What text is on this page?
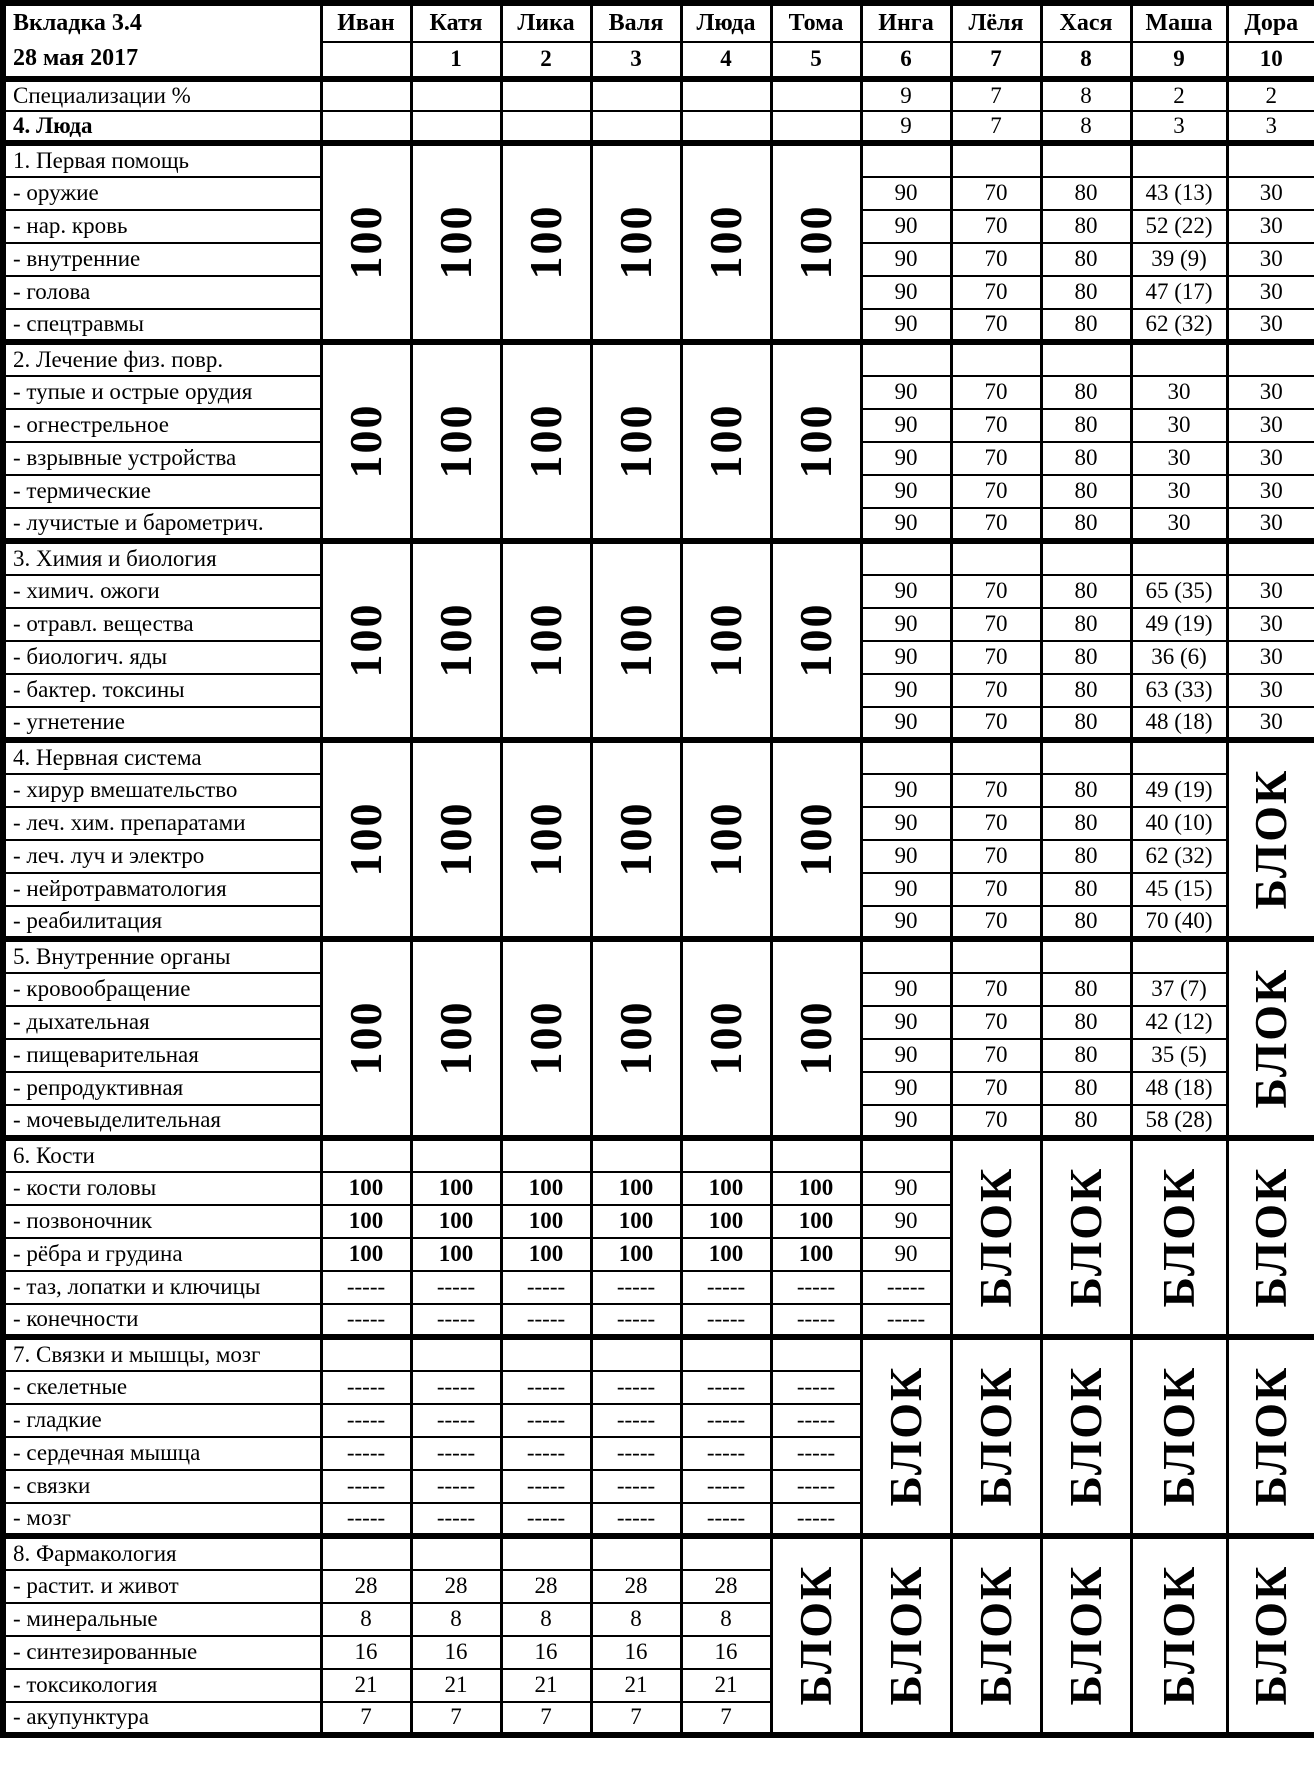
Вкладка 3.4
28 мая 2017	Иван	Катя	Лика	Валя	Люда	Тома	Инга	Лёля	Хася	Маша	Дора
		1	2	3	4	5	6	7	8	9	10
Специализации %							9	7	8	2	2
4. Люда							9	7	8	3	3
1. Первая помощь	100	100	100	100	100	100					

- оружие							90	70	80	43 (13)	30
- нар. кровь							90	70	80	52 (22)	30
- внутренние							90	70	80	39 (9)	30
- голова							90	70	80	47 (17)	30
- спецтравмы							90	70	80	62 (32)	30
2. Лечение физ. повр.	100	100	100	100	100	100					

- тупые и острые орудия							90	70	80	30	30
- огнестрельное							90	70	80	30	30
- взрывные устройства							90	70	80	30	30
- термические							90	70	80	30	30
- лучистые и барометрич.							90	70	80	30	30
3. Химия и биология	100	100	100	100	100	100					

- химич. ожоги							90	70	80	65 (35)	30
- отравл. вещества							90	70	80	49 (19)	30
- биологич. яды							90	70	80	36 (6)	30
- бактер. токсины							90	70	80	63 (33)	30
- угнетение							90	70	80	48 (18)	30
4. Нервная система	100	100	100	100	100	100					БЛОК

- хирур вмешательство							90	70	80	49 (19)	
- леч. хим. препаратами							90	70	80	40 (10)	
- леч. луч и электро							90	70	80	62 (32)	
- нейротравматология							90	70	80	45 (15)	
- реабилитация							90	70	80	70 (40)	
5. Внутренние органы	100	100	100	100	100	100					БЛОК

- кровообращение							90	70	80	37 (7)	
- дыхательная							90	70	80	42 (12)	
- пищеварительная							90	70	80	35 (5)	
- репродуктивная							90	70	80	48 (18)	
- мочевыделительная							90	70	80	58 (28)	
6. Кости								БЛОК	БЛОК	БЛОК	БЛОК

- кости головы	100	100	100	100	100	100	90				
- позвоночник	100	100	100	100	100	100	90				
- рёбра и грудина	100	100	100	100	100	100	90				
- таз, лопатки и ключицы	-----	-----	-----	-----	-----	-----	-----				
- конечности	-----	-----	-----	-----	-----	-----	-----				
7. Связки и мышцы, мозг							БЛОК	БЛОК	БЛОК	БЛОК	БЛОК

- скелетные	-----	-----	-----	-----	-----	-----					
- гладкие	-----	-----	-----	-----	-----	-----					
- сердечная мышца	-----	-----	-----	-----	-----	-----					
- связки	-----	-----	-----	-----	-----	-----					
- мозг	-----	-----	-----	-----	-----	-----					
8. Фармакология						БЛОК	БЛОК	БЛОК	БЛОК	БЛОК	БЛОК

- растит. и живот	28	28	28	28	28						
- минеральные	8	8	8	8	8						
- синтезированные	16	16	16	16	16						
- токсикология	21	21	21	21	21						
- акупунктура	7	7	7	7	7						
